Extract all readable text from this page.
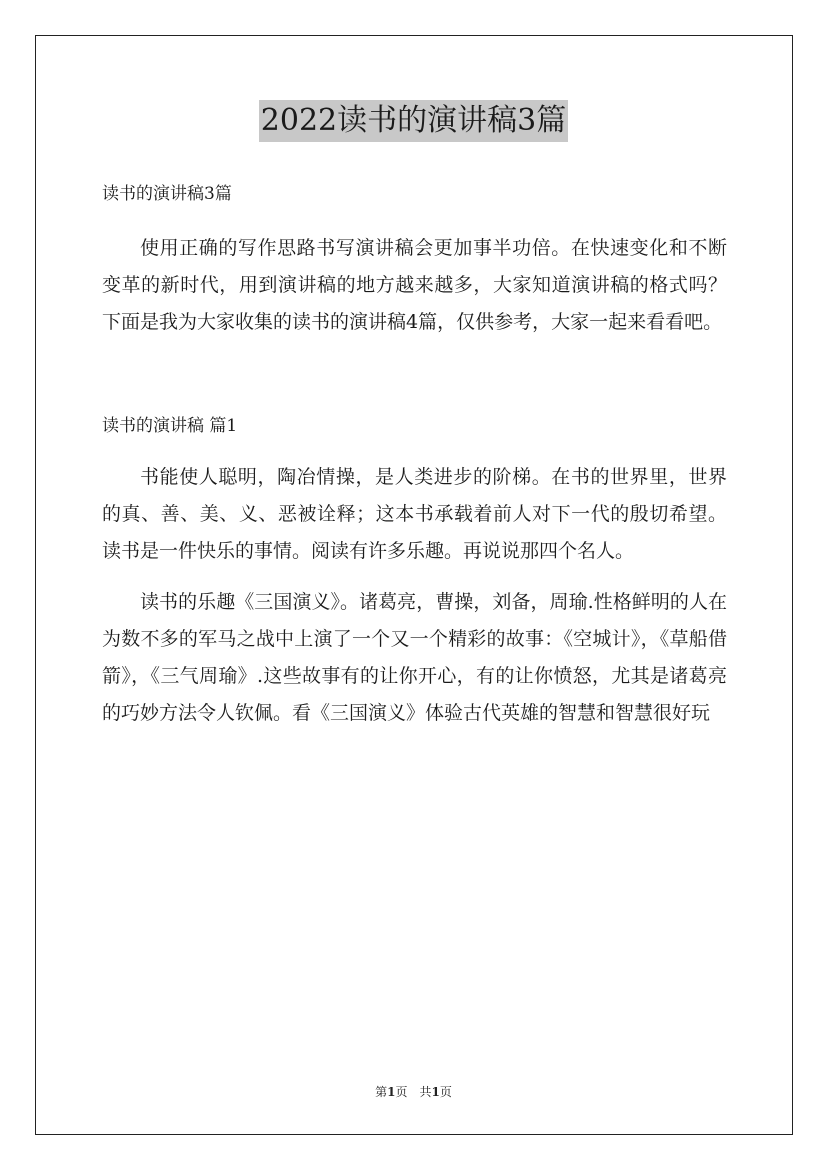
2022读书的演讲稿3篇

读书的演讲稿3篇

使用正确的写作思路书写演讲稿会更加事半功倍。在快速变化和不断变革的新时代，用到演讲稿的地方越来越多，大家知道演讲稿的格式吗？下面是我为大家收集的读书的演讲稿4篇，仅供参考，大家一起来看看吧。

读书的演讲稿 篇1

书能使人聪明，陶冶情操，是人类进步的阶梯。在书的世界里，世界的真、善、美、义、恶被诠释；这本书承载着前人对下一代的殷切希望。读书是一件快乐的事情。阅读有许多乐趣。再说说那四个名人。

读书的乐趣《三国演义》。诸葛亮，曹操，刘备，周瑜.性格鲜明的人在为数不多的军马之战中上演了一个又一个精彩的故事：《空城计》，《草船借箭》，《三气周瑜》.这些故事有的让你开心，有的让你愤怒，尤其是诸葛亮的巧妙方法令人钦佩。看《三国演义》体验古代英雄的智慧和智慧很好玩

第1页　共1页
